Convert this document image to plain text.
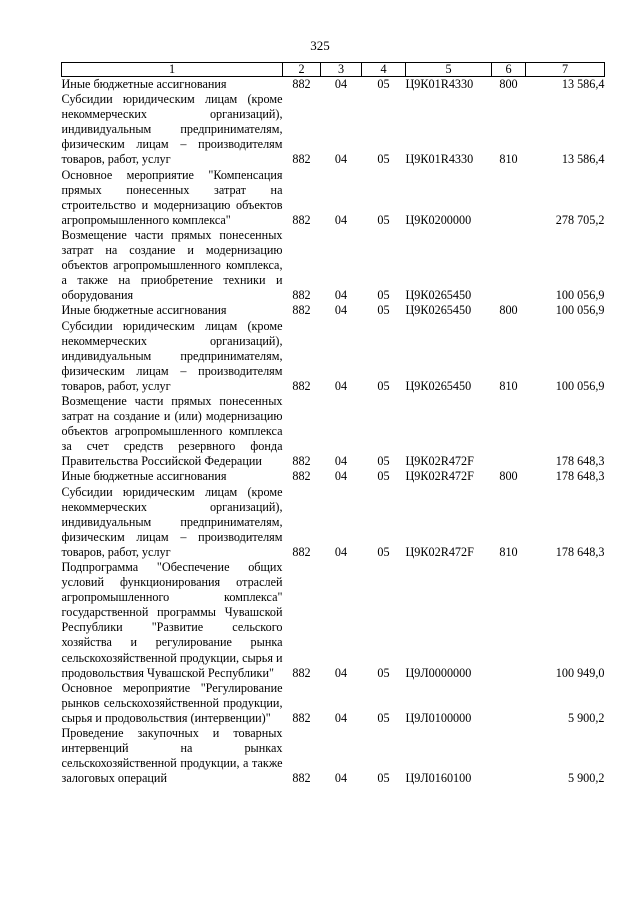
325
1	2	3	4	5	6	7
Иные бюджетные ассигнования	882	04	05	Ц9К01R4330	800	13 586,4
Субсидии юридическим лицам (кроме некоммерческих организаций), индивидуальным предпринимателям, физическим лицам – производителям товаров, работ, услуг	882	04	05	Ц9К01R4330	810	13 586,4
Основное мероприятие "Компенсация прямых понесенных затрат на строительство и модернизацию объектов агропромышленного комплекса"	882	04	05	Ц9К0200000		278 705,2
Возмещение части прямых понесенных затрат на создание и модернизацию объектов агропромышленного комплекса, а также на приобретение техники и оборудования	882	04	05	Ц9К0265450		100 056,9
Иные бюджетные ассигнования	882	04	05	Ц9К0265450	800	100 056,9
Субсидии юридическим лицам (кроме некоммерческих организаций), индивидуальным предпринимателям, физическим лицам – производителям товаров, работ, услуг	882	04	05	Ц9К0265450	810	100 056,9
Возмещение части прямых понесенных затрат на создание и (или) модернизацию объектов агропромышленного комплекса за счет средств резервного фонда Правительства Российской Федерации	882	04	05	Ц9К02R472F		178 648,3
Иные бюджетные ассигнования	882	04	05	Ц9К02R472F	800	178 648,3
Субсидии юридическим лицам (кроме некоммерческих организаций), индивидуальным предпринимателям, физическим лицам – производителям товаров, работ, услуг	882	04	05	Ц9К02R472F	810	178 648,3
Подпрограмма "Обеспечение общих условий функционирования отраслей агропромышленного комплекса" государственной программы Чувашской Республики "Развитие сельского хозяйства и регулирование рынка сельскохозяйственной продукции, сырья и продовольствия Чувашской Республики"	882	04	05	Ц9Л0000000		100 949,0
Основное мероприятие "Регулирование рынков сельскохозяйственной продукции, сырья и продовольствия (интервенции)"	882	04	05	Ц9Л0100000		5 900,2
Проведение закупочных и товарных интервенций на рынках сельскохозяйственной продукции, а также залоговых операций	882	04	05	Ц9Л0160100		5 900,2
